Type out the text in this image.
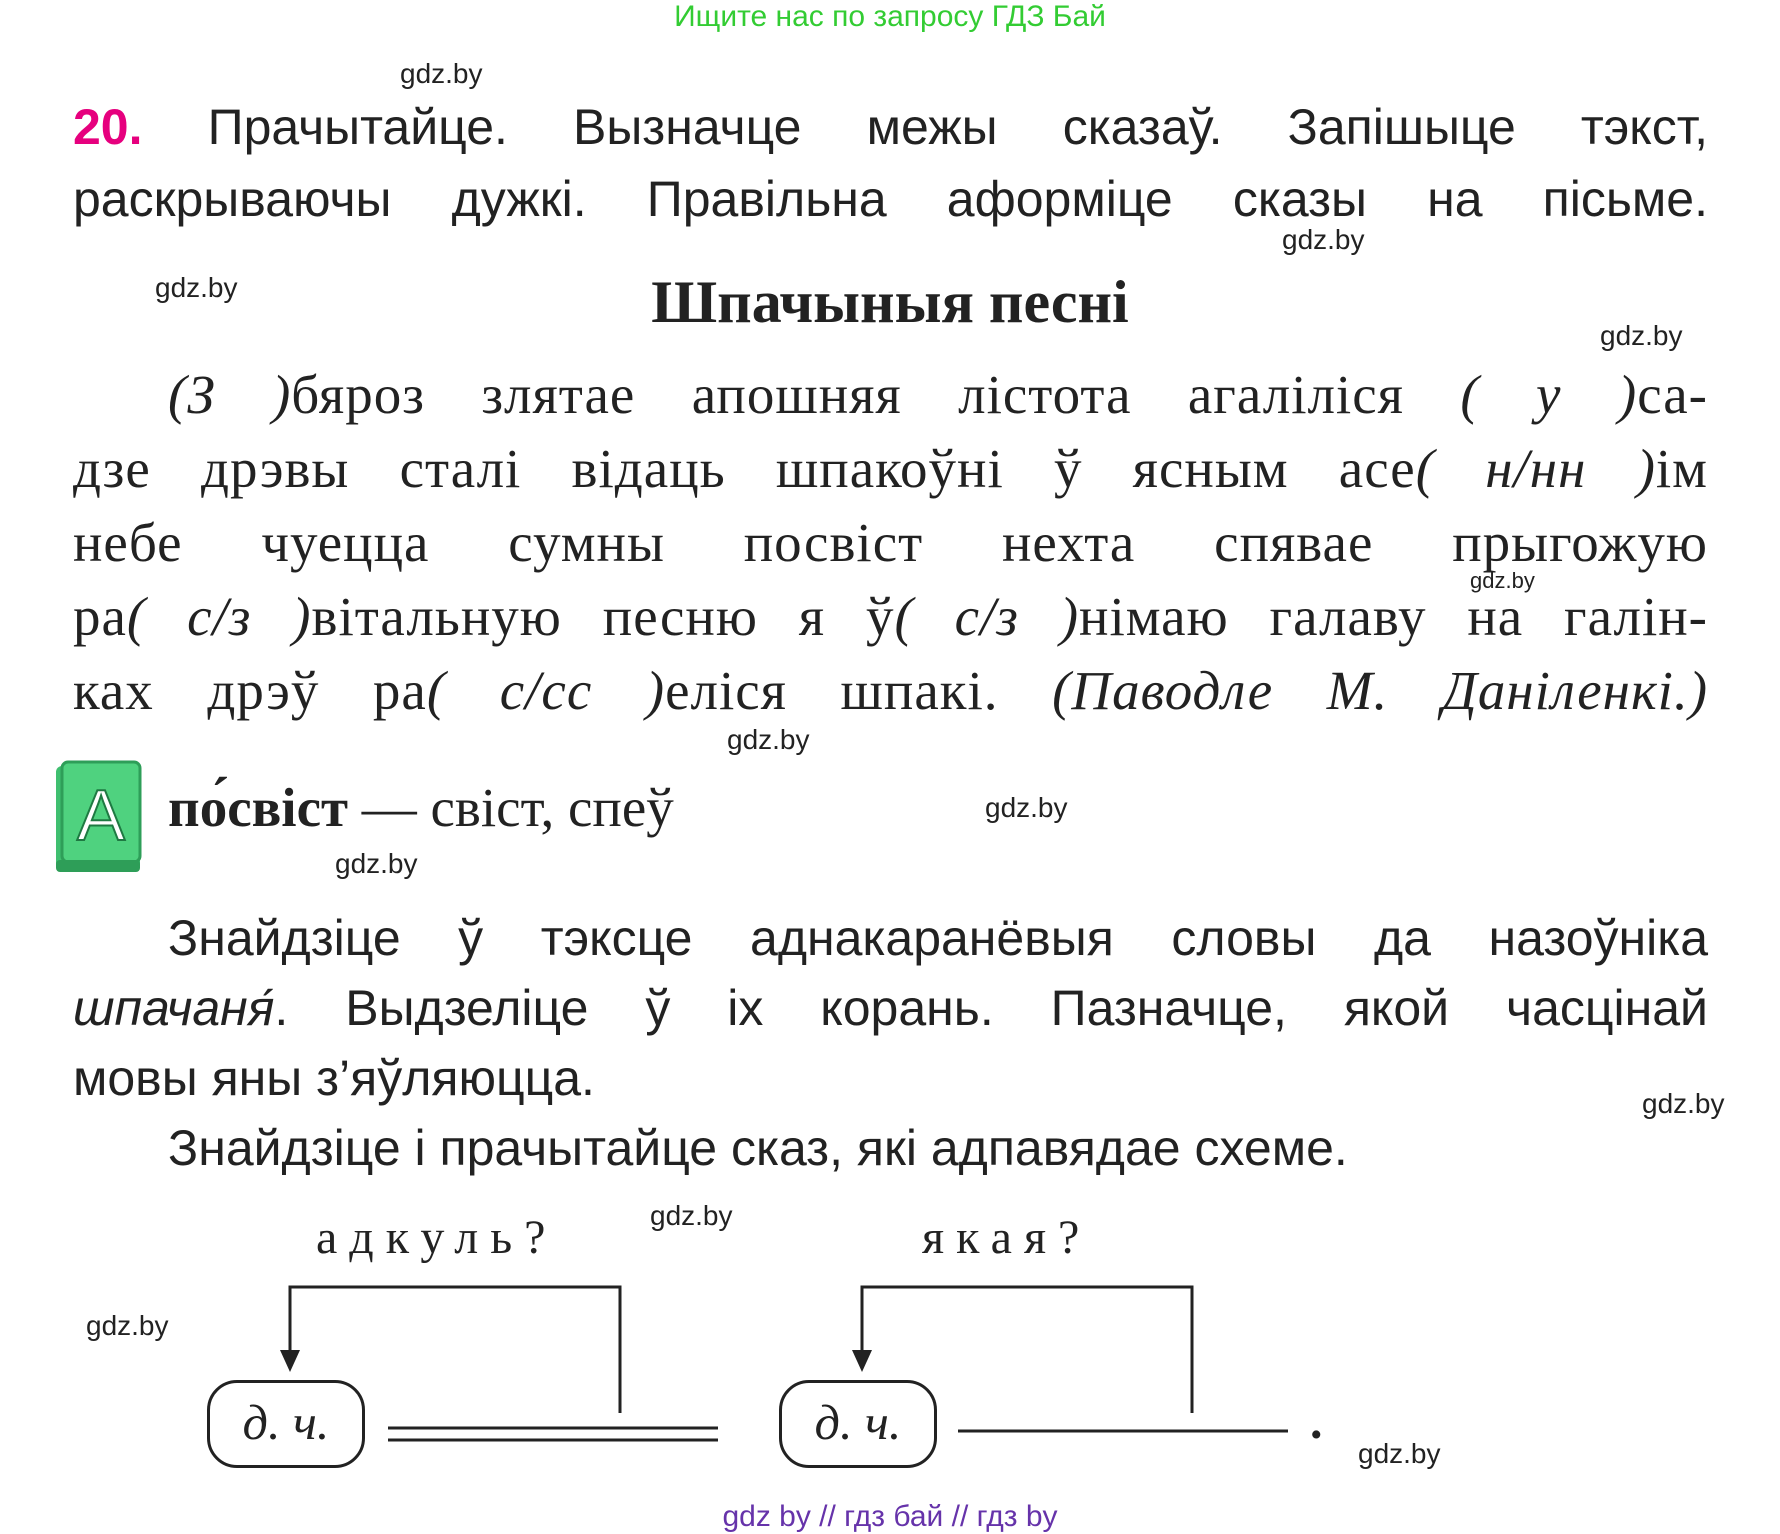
Ищите нас по запросу ГДЗ Бай
gdz.by
gdz.by
gdz.by
gdz.by
gdz.by
gdz.by
gdz.by
gdz.by
gdz.by
gdz.by
gdz.by
gdz.by
20. Прачытайце. Вызначце межы сказаў. Запішыце тэкст,
раскрываючы дужкі. Правільна аформіце сказы на пісьме.
Шпачыныя песні
(З )бяроз злятае апошняя лістота агаліліся ( у )са-
дзе дрэвы сталі відаць шпакоўні ў ясным асе( н/нн )ім
небе чуецца сумны посвіст нехта спявае прыгожую
ра( с/з )вітальную песню я ў( с/з )німаю галаву на галін-
ках дрэў ра( с/сс )еліся шпакі. (Паводле М. Даніленкі.)
A по́свіст — свіст, спеў
Знайдзіце ў тэксце аднакаранёвыя словы да назоўніка
шпачаня́. Выдзеліце ў іх корань. Пазначце, якой часцінай
мовы яны з’яўляюцца.
Знайдзіце і прачытайце сказ, які адпавядае схеме.
адкуль?	якая?
д. ч.	д. ч.	.
gdz by // гдз бай // гдз by
